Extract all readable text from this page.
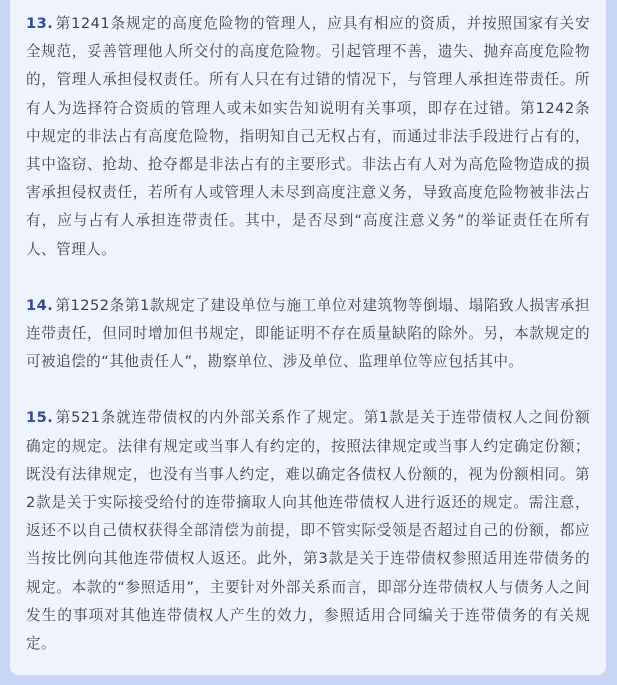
13. 第1241条规定的高度危险物的管理人，应具有相应的资质，并按照国家有关安全规范，妥善管理他人所交付的高度危险物。引起管理不善，遗失、抛弃高度危险物的，管理人承担侵权责任。所有人只在有过错的情况下，与管理人承担连带责任。所有人为选择符合资质的管理人或未如实告知说明有关事项，即存在过错。第1242条中规定的非法占有高度危险物，指明知自己无权占有，而通过非法手段进行占有的，其中盗窃、抢劫、抢夺都是非法占有的主要形式。非法占有人对为高危险物造成的损害承担侵权责任，若所有人或管理人未尽到高度注意义务，导致高度危险物被非法占有，应与占有人承担连带责任。其中，是否尽到“高度注意义务”的举证责任在所有人、管理人。

14. 第1252条第1款规定了建设单位与施工单位对建筑物等倒塌、塌陷致人损害承担连带责任，但同时增加但书规定，即能证明不存在质量缺陷的除外。另，本款规定的可被追偿的“其他责任人”，勘察单位、涉及单位、监理单位等应包括其中。

15. 第521条就连带债权的内外部关系作了规定。第1款是关于连带债权人之间份额确定的规定。法律有规定或当事人有约定的，按照法律规定或当事人约定确定份额；既没有法律规定，也没有当事人约定，难以确定各债权人份额的，视为份额相同。第2款是关于实际接受给付的连带摘取人向其他连带债权人进行返还的规定。需注意，返还不以自己债权获得全部清偿为前提，即不管实际受领是否超过自己的份额，都应当按比例向其他连带债权人返还。此外，第3款是关于连带债权参照适用连带债务的规定。本款的“参照适用”，主要针对外部关系而言，即部分连带债权人与债务人之间发生的事项对其他连带债权人产生的效力，参照适用合同编关于连带债务的有关规定。
